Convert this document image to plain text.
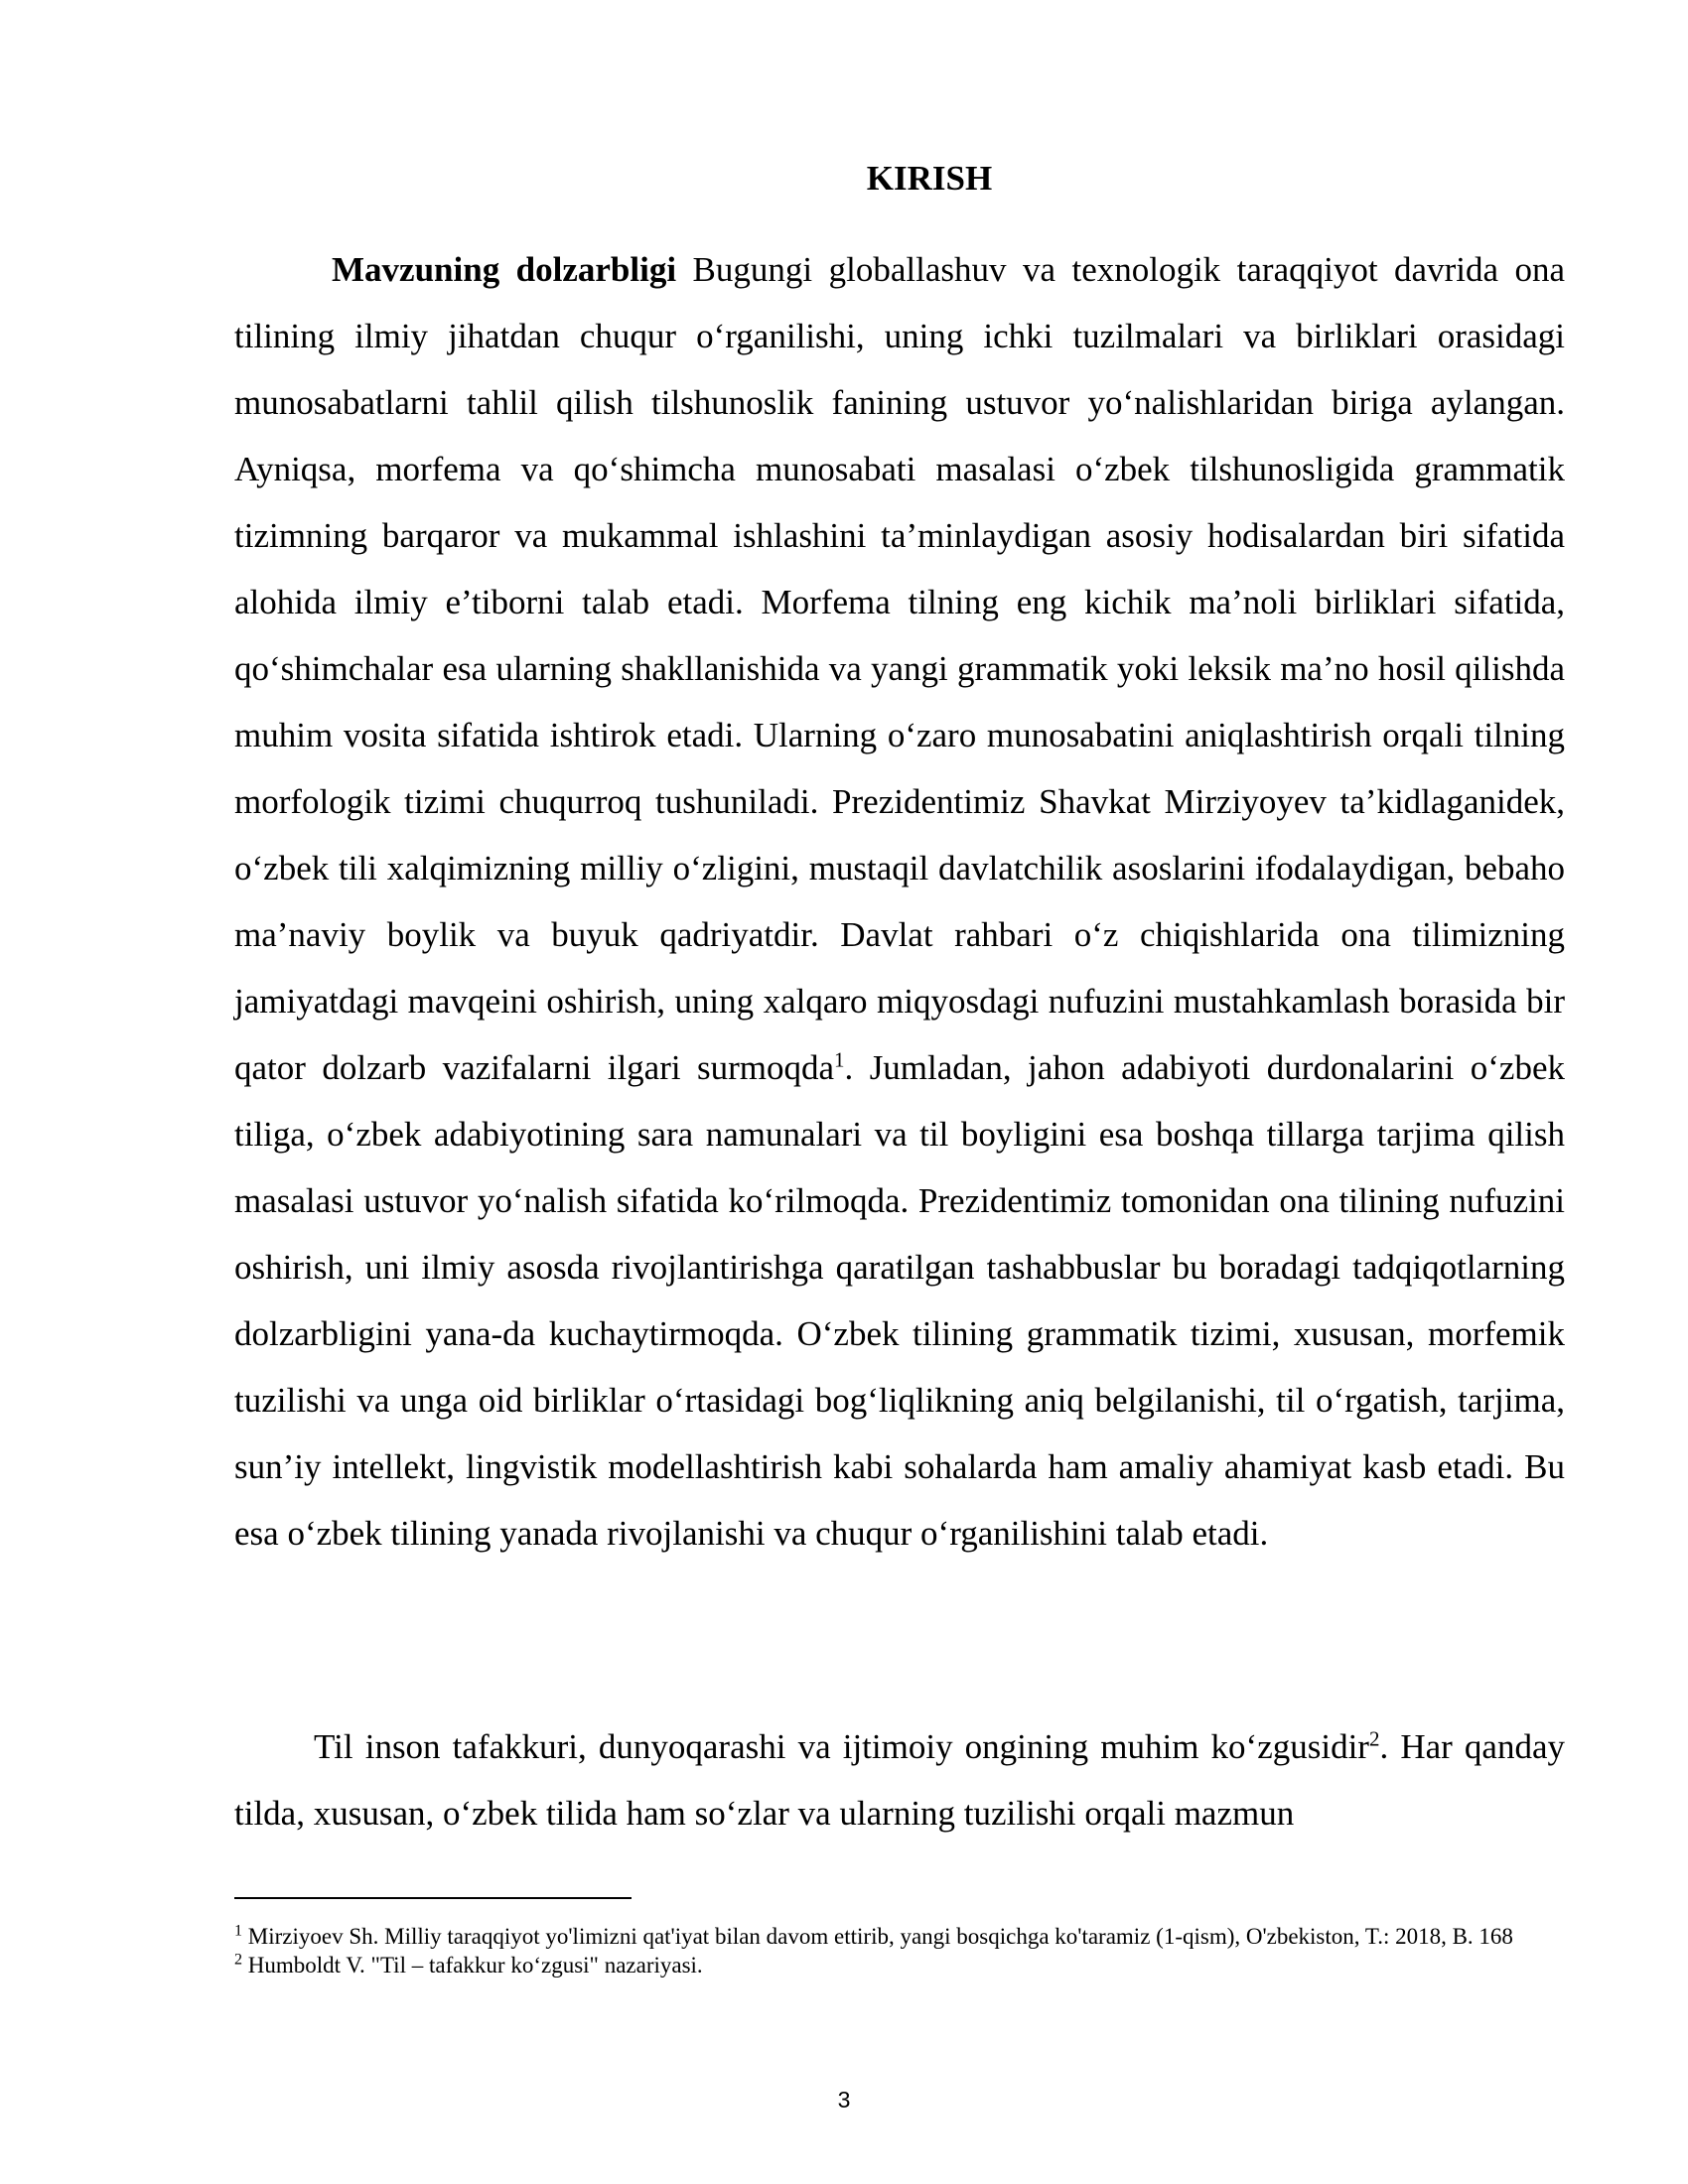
KIRISH

Mavzuning dolzarbligi Bugungi globallashuv va texnologik taraqqiyot davrida ona tilining ilmiy jihatdan chuqur o‘rganilishi, uning ichki tuzilmalari va birliklari orasidagi munosabatlarni tahlil qilish tilshunoslik fanining ustuvor yo‘nalishlaridan biriga aylangan. Ayniqsa, morfema va qo‘shimcha munosabati masalasi o‘zbek tilshunosligida grammatik tizimning barqaror va mukammal ishlashini ta’minlaydigan asosiy hodisalardan biri sifatida alohida ilmiy e’tiborni talab etadi. Morfema tilning eng kichik ma’noli birliklari sifatida, qo‘shimchalar esa ularning shakllanishida va yangi grammatik yoki leksik ma’no hosil qilishda muhim vosita sifatida ishtirok etadi. Ularning o‘zaro munosabatini aniqlashtirish orqali tilning morfologik tizimi chuqurroq tushuniladi. Prezidentimiz Shavkat Mirziyoyev ta’kidlaganidek, o‘zbek tili xalqimizning milliy o‘zligini, mustaqil davlatchilik asoslarini ifodalaydigan, bebaho ma’naviy boylik va buyuk qadriyatdir. Davlat rahbari o‘z chiqishlarida ona tilimizning jamiyatdagi mavqeini oshirish, uning xalqaro miqyosdagi nufuzini mustahkamlash borasida bir qator dolzarb vazifalarni ilgari surmoqda$^1$. Jumladan, jahon adabiyoti durdonalarini o‘zbek tiliga, o‘zbek adabiyotining sara namunalari va til boyligini esa boshqa tillarga tarjima qilish masalasi ustuvor yo‘nalish sifatida ko‘rilmoqda. Prezidentimiz tomonidan ona tilining nufuzini oshirish, uni ilmiy asosda rivojlantirishga qaratilgan tashabbuslar bu boradagi tadqiqotlarning dolzarbligini yana-da kuchaytirmoqda. O‘zbek tilining grammatik tizimi, xususan, morfemik tuzilishi va unga oid birliklar o‘rtasidagi bog‘liqlikning aniq belgilanishi, til o‘rgatish, tarjima, sun’iy intellekt, lingvistik modellashtirish kabi sohalarda ham amaliy ahamiyat kasb etadi. Bu esa o‘zbek tilining yanada rivojlanishi va chuqur o‘rganilishini talab etadi.

Til inson tafakkuri, dunyoqarashi va ijtimoiy ongining muhim ko‘zgusidir$^2$. Har qanday tilda, xususan, o‘zbek tilida ham so‘zlar va ularning tuzilishi orqali mazmun

$^1$ Mirziyoev Sh. Milliy taraqqiyot yo'limizni qat'iyat bilan davom ettirib, yangi bosqichga ko'taramiz (1-qism), O'zbekiston, T.: 2018, B. 168

$^2$ Humboldt V. "Til – tafakkur ko‘zgusi" nazariyasi.

3
